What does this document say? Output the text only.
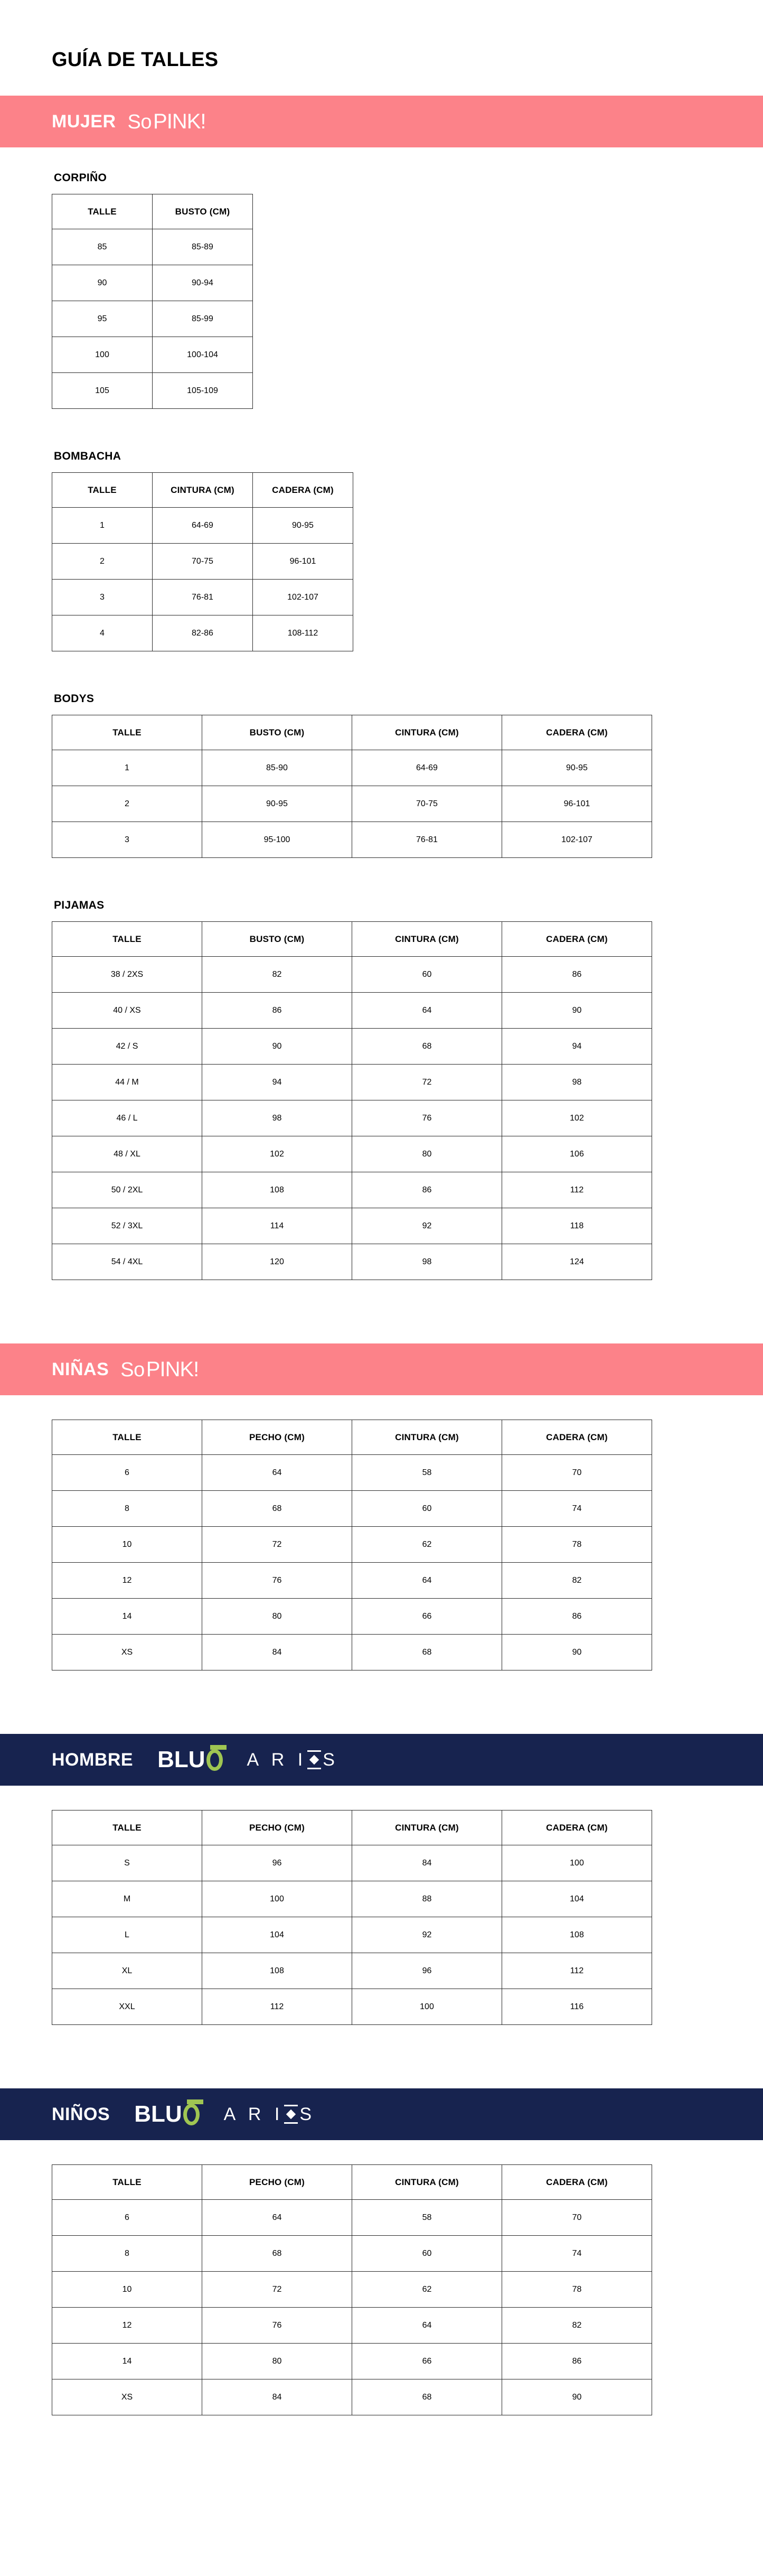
GUÍA DE TALLES
MUJER So PINK!
CORPIÑO
TALLE	BUSTO (CM)
85	85-89
90	90-94
95	85-99
100	100-104
105	105-109
BOMBACHA
TALLE	CINTURA (CM)	CADERA (CM)
1	64-69	90-95
2	70-75	96-101
3	76-81	102-107
4	82-86	108-112
BODYS
TALLE	BUSTO (CM)	CINTURA (CM)	CADERA (CM)
1	85-90	64-69	90-95
2	90-95	70-75	96-101
3	95-100	76-81	102-107
PIJAMAS
TALLE	BUSTO (CM)	CINTURA (CM)	CADERA (CM)
38 / 2XS	82	60	86
40 / XS	86	64	90
42 / S	90	68	94
44 / M	94	72	98
46 / L	98	76	102
48 / XL	102	80	106
50 / 2XL	108	86	112
52 / 3XL	114	92	118
54 / 4XL	120	98	124
NIÑAS So PINK!
TALLE	PECHO (CM)	CINTURA (CM)	CADERA (CM)
6	64	58	70
8	68	60	74
10	72	62	78
12	76	64	82
14	80	66	86
XS	84	68	90
HOMBRE BLU A R I S
TALLE	PECHO (CM)	CINTURA (CM)	CADERA (CM)
S	96	84	100
M	100	88	104
L	104	92	108
XL	108	96	112
XXL	112	100	116
NIÑOS BLU A R I S
TALLE	PECHO (CM)	CINTURA (CM)	CADERA (CM)
6	64	58	70
8	68	60	74
10	72	62	78
12	76	64	82
14	80	66	86
XS	84	68	90
